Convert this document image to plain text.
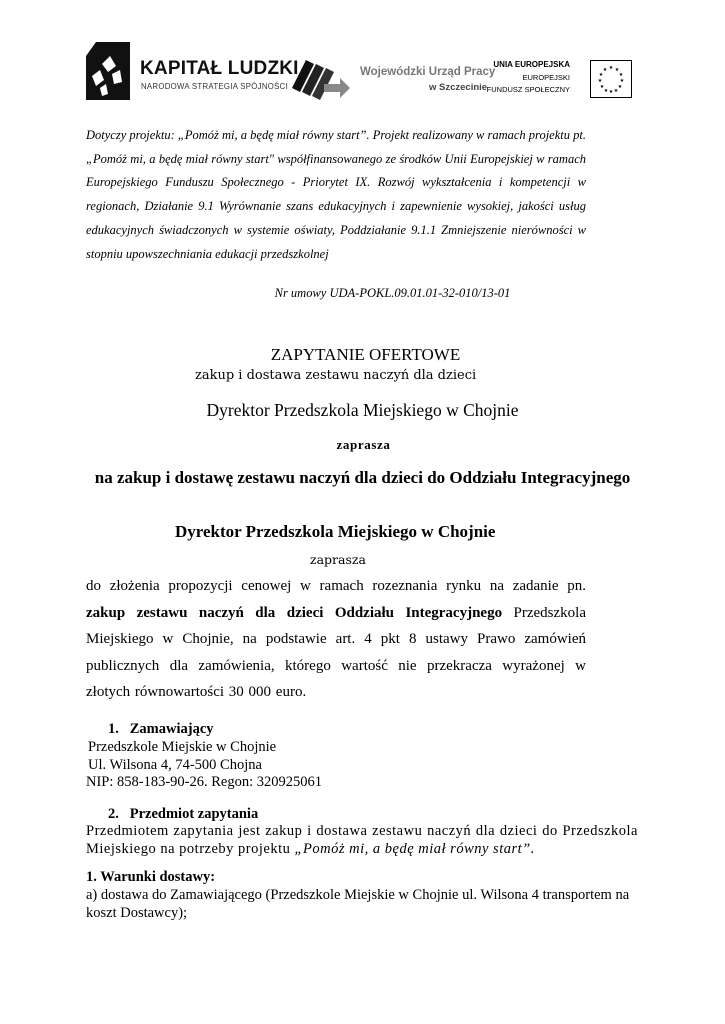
KAPITAŁ LUDZKI
NARODOWA STRATEGIA SPÓJNOŚCI
Wojewódzki Urząd Pracy
w Szczecinie
UNIA EUROPEJSKA
EUROPEJSKI
FUNDUSZ SPOŁECZNY
★ ★
★
★
★
★
★
★
★
★
★
★
Dotyczy projektu: „Pomóż mi, a będę miał równy start”. Projekt realizowany w ramach projektu pt. „Pomóż mi, a będę miał równy start" współfinansowanego ze środków Unii Europejskiej w ramach Europejskiego Funduszu Społecznego - Priorytet IX. Rozwój wykształcenia i kompetencji w regionach, Działanie 9.1 Wyrównanie szans edukacyjnych i zapewnienie wysokiej, jakości usług edukacyjnych świadczonych w systemie oświaty, Poddziałanie 9.1.1 Zmniejszenie nierówności w stopniu upowszechniania edukacji przedszkolnej
Nr umowy UDA-POKL.09.01.01-32-010/13-01
ZAPYTANIE OFERTOWE
zakup i dostawa zestawu naczyń dla dzieci
Dyrektor Przedszkola Miejskiego w Chojnie
zaprasza
na zakup i dostawę zestawu naczyń dla dzieci do Oddziału Integracyjnego
Dyrektor Przedszkola Miejskiego w Chojnie
zaprasza
do złożenia propozycji cenowej w ramach rozeznania rynku na zadanie pn. zakup zestawu naczyń dla dzieci Oddziału Integracyjnego Przedszkola Miejskiego w Chojnie, na podstawie art. 4 pkt 8 ustawy Prawo zamówień publicznych dla zamówienia, którego wartość nie przekracza wyrażonej w złotych równowartości 30 000 euro.
1.   Zamawiający
Przedszkole Miejskie w Chojnie
Ul. Wilsona 4, 74-500 Chojna
NIP: 858-183-90-26. Regon: 320925061
2.   Przedmiot zapytania
Przedmiotem zapytania jest zakup i dostawa zestawu naczyń dla dzieci do Przedszkola Miejskiego na potrzeby projektu „Pomóż mi, a będę miał równy start”.
1. Warunki dostawy:
a) dostawa do Zamawiającego (Przedszkole Miejskie w Chojnie ul. Wilsona 4 transportem na koszt Dostawcy);
